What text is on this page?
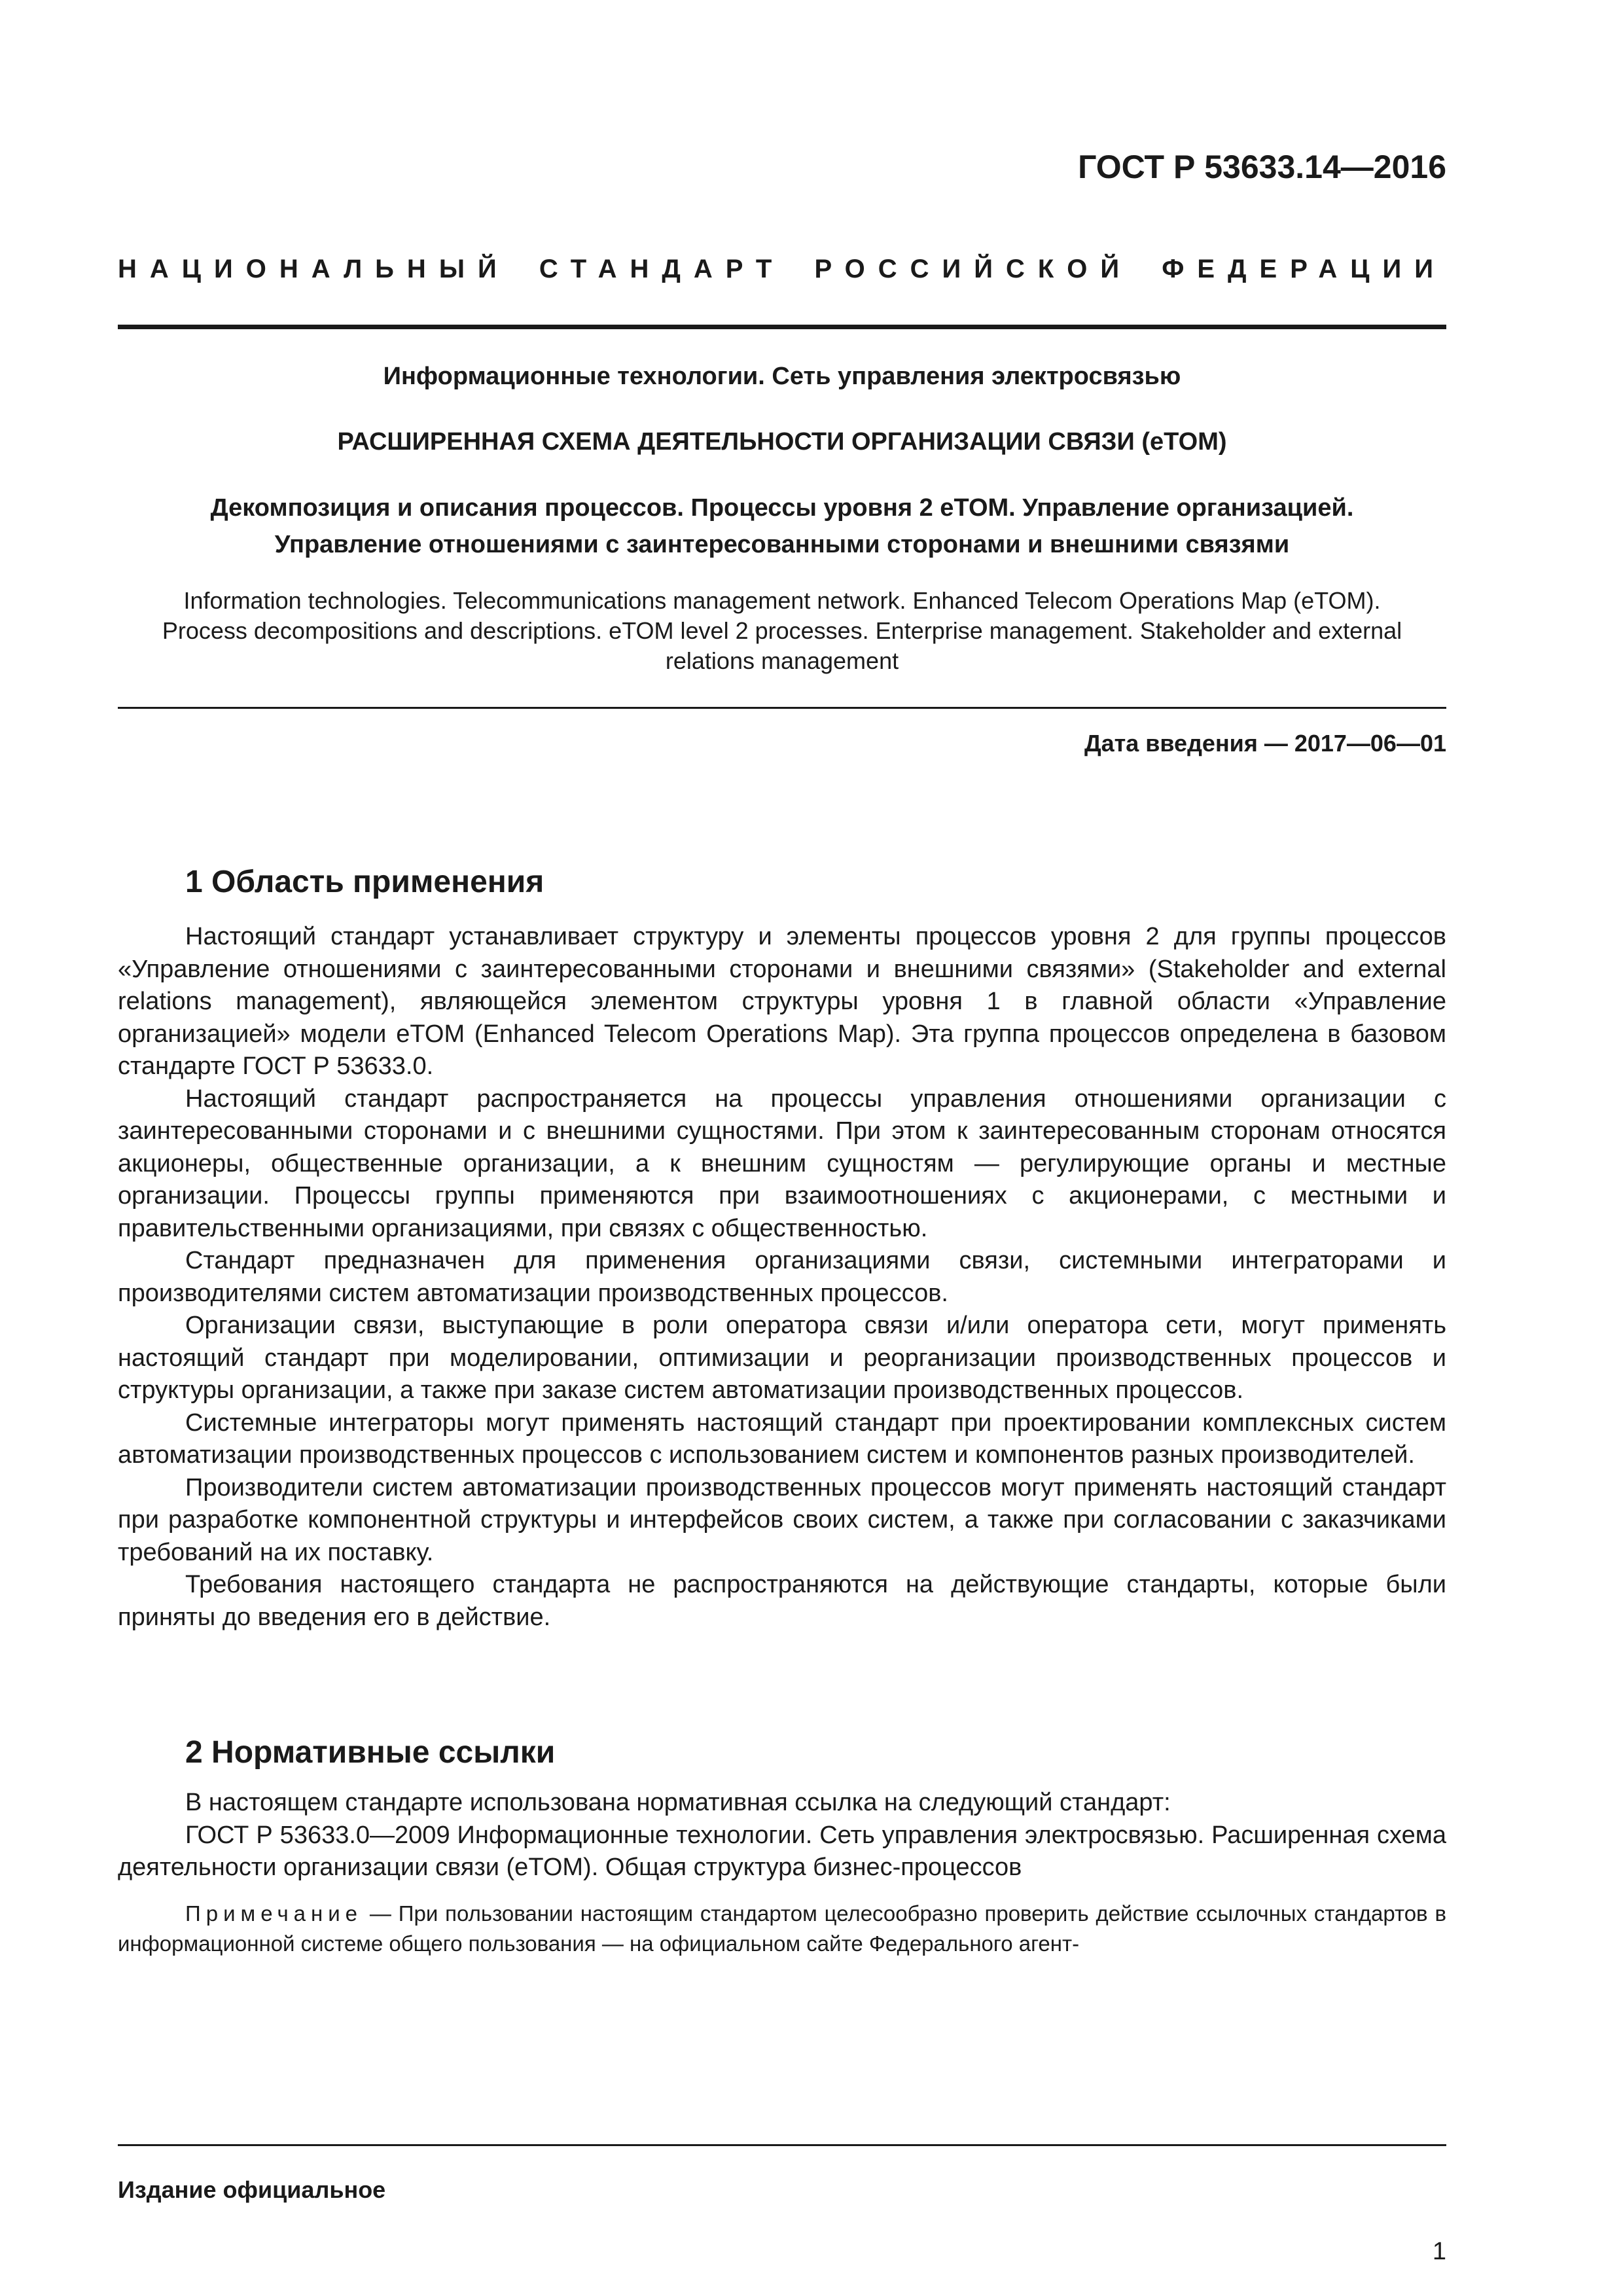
ГОСТ Р 53633.14—2016
НАЦИОНАЛЬНЫЙ СТАНДАРТ РОССИЙСКОЙ ФЕДЕРАЦИИ
Информационные технологии. Сеть управления электросвязью
РАСШИРЕННАЯ СХЕМА ДЕЯТЕЛЬНОСТИ ОРГАНИЗАЦИИ СВЯЗИ (eTOM)
Декомпозиция и описания процессов. Процессы уровня 2 eTOM. Управление организацией.
Управление отношениями с заинтересованными сторонами и внешними связями
Information technologies. Telecommunications management network. Enhanced Telecom Operations Map (eTOM).
Process decompositions and descriptions. eTOM level 2 processes. Enterprise management. Stakeholder and external
relations management
Дата введения — 2017—06—01
1 Область применения

Настоящий стандарт устанавливает структуру и элементы процессов уровня 2 для группы процессов «Управление отношениями с заинтересованными сторонами и внешними связями» (Stakeholder and external relations management), являющейся элементом структуры уровня 1 в главной области «Управление организацией» модели eTOM (Enhanced Telecom Operations Map). Эта группа процессов определена в базовом стандарте ГОСТ Р 53633.0.

Настоящий стандарт распространяется на процессы управления отношениями организации с заинтересованными сторонами и с внешними сущностями. При этом к заинтересованным сторонам относятся акционеры, общественные организации, а к внешним сущностям — регулирующие органы и местные организации. Процессы группы применяются при взаимоотношениях с акционерами, с местными и правительственными организациями, при связях с общественностью.

Стандарт предназначен для применения организациями связи, системными интеграторами и производителями систем автоматизации производственных процессов.

Организации связи, выступающие в роли оператора связи и/или оператора сети, могут применять настоящий стандарт при моделировании, оптимизации и реорганизации производственных процессов и структуры организации, а также при заказе систем автоматизации производственных процессов.

Системные интеграторы могут применять настоящий стандарт при проектировании комплексных систем автоматизации производственных процессов с использованием систем и компонентов разных производителей.

Производители систем автоматизации производственных процессов могут применять настоящий стандарт при разработке компонентной структуры и интерфейсов своих систем, а также при согласовании с заказчиками требований на их поставку.

Требования настоящего стандарта не распространяются на действующие стандарты, которые были приняты до введения его в действие.

2 Нормативные ссылки

В настоящем стандарте использована нормативная ссылка на следующий стандарт:

ГОСТ Р 53633.0—2009 Информационные технологии. Сеть управления электросвязью. Расширенная схема деятельности организации связи (eTOM). Общая структура бизнес-процессов

Примечание — При пользовании настоящим стандартом целесообразно проверить действие ссылочных стандартов в информационной системе общего пользования — на официальном сайте Федерального агент-
Издание официальное
1
